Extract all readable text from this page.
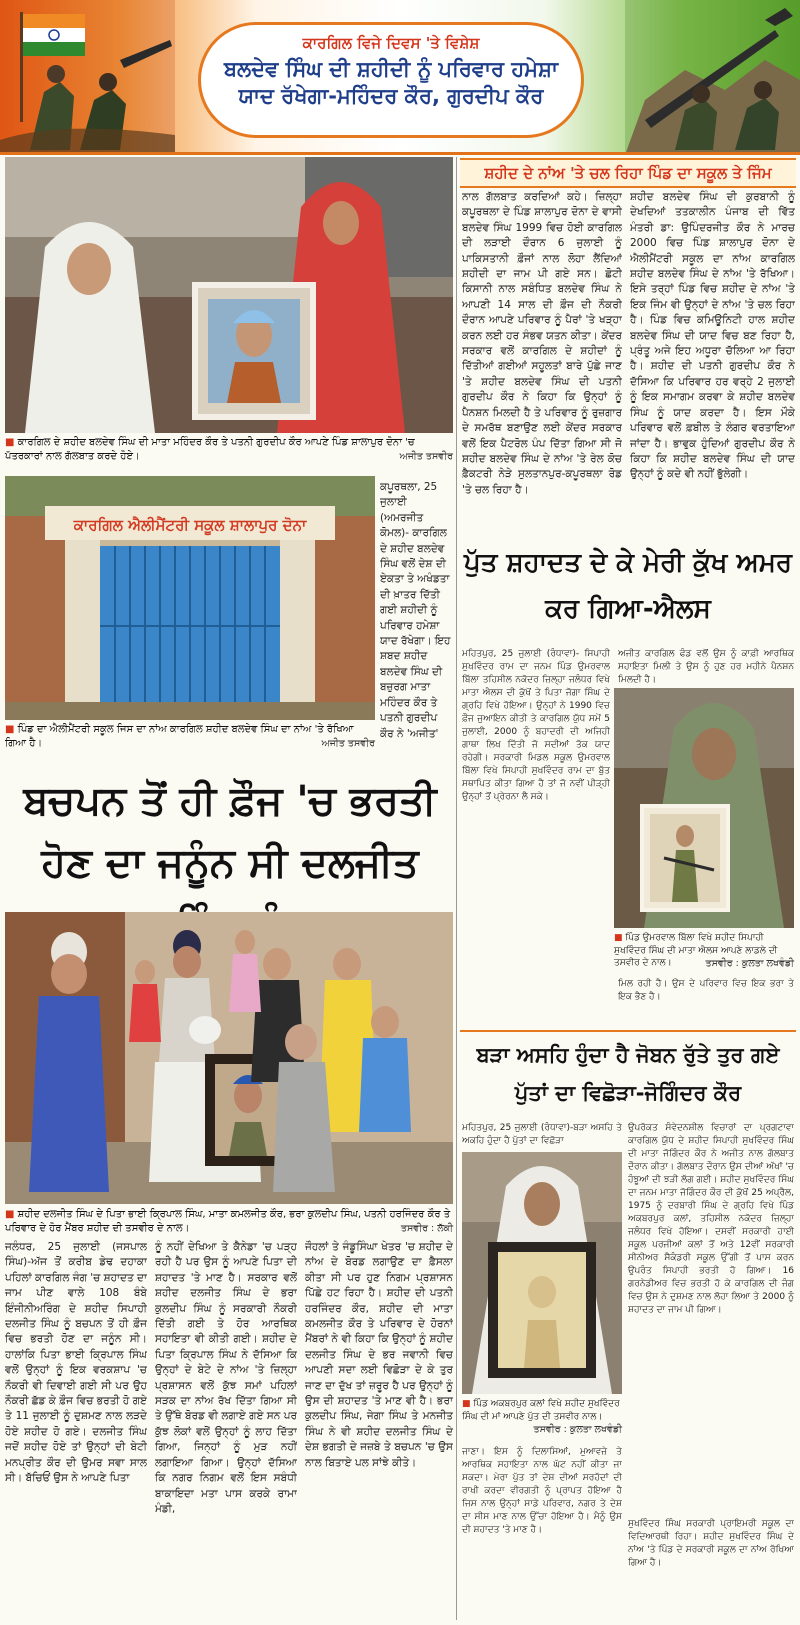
ਕਾਰਗਿਲ ਵਿਜੇ ਦਿਵਸ 'ਤੇ ਵਿਸ਼ੇਸ਼
ਬਲਦੇਵ ਸਿੰਘ ਦੀ ਸ਼ਹੀਦੀ ਨੂੰ ਪਰਿਵਾਰ ਹਮੇਸ਼ਾ ਯਾਦ ਰੱਖੇਗਾ-ਮਹਿੰਦਰ ਕੌਰ, ਗੁਰਦੀਪ ਕੌਰ
■ ਕਾਰਗਿਲ ਦੇ ਸ਼ਹੀਦ ਬਲਦੇਵ ਸਿੰਘ ਦੀ ਮਾਤਾ ਮਹਿੰਦਰ ਕੌਰ ਤੇ ਪਤਨੀ ਗੁਰਦੀਪ ਕੌਰ ਆਪਣੇ ਪਿੰਡ ਸ਼ਾਲਾਪੁਰ ਦੋਨਾ 'ਚ ਪੱਤਰਕਾਰਾਂ ਨਾਲ ਗੱਲਬਾਤ ਕਰਦੇ ਹੋਏ।	ਅਜੀਤ ਤਸਵੀਰ
ਕਾਰਗਿਲ ਐਲੀਮੈਂਟਰੀ ਸਕੂਲ ਸ਼ਾਲਾਪੁਰ ਦੋਨਾ
■ ਪਿੰਡ ਦਾ ਐਲੀਮੈਂਟਰੀ ਸਕੂਲ ਜਿਸ ਦਾ ਨਾਂਅ ਕਾਰਗਿਲ ਸ਼ਹੀਦ ਬਲਦੇਵ ਸਿੰਘ ਦਾ ਨਾਂਅ 'ਤੇ ਰੱਖਿਆ ਗਿਆ ਹੈ।	ਅਜੀਤ ਤਸਵੀਰ
ਕਪੂਰਥਲਾ, 25 ਜੁਲਾਈ (ਅਮਰਜੀਤ ਕੋਮਲ)- ਕਾਰਗਿਲ ਦੇ ਸ਼ਹੀਦ ਬਲਦੇਵ ਸਿੰਘ ਵਲੋਂ ਦੇਸ਼ ਦੀ ਏਕਤਾ ਤੇ ਅਖੰਡਤਾ ਦੀ ਖ਼ਾਤਰ ਦਿੱਤੀ ਗਈ ਸ਼ਹੀਦੀ ਨੂੰ ਪਰਿਵਾਰ ਹਮੇਸ਼ਾ ਯਾਦ ਰੱਖੇਗਾ। ਇਹ ਸ਼ਬਦ ਸ਼ਹੀਦ ਬਲਦੇਵ ਸਿੰਘ ਦੀ ਬਜ਼ੁਰਗ ਮਾਤਾ ਮਹਿੰਦਰ ਕੌਰ ਤੇ ਪਤਨੀ ਗੁਰਦੀਪ ਕੌਰ ਨੇ 'ਅਜੀਤ'
ਸ਼ਹੀਦ ਦੇ ਨਾਂਅ 'ਤੇ ਚਲ ਰਿਹਾ ਪਿੰਡ ਦਾ ਸਕੂਲ ਤੇ ਜਿੰਮ
ਨਾਲ ਗੱਲਬਾਤ ਕਰਦਿਆਂ ਕਹੇ। ਜ਼ਿਲ੍ਹਾ ਕਪੂਰਥਲਾ ਦੇ ਪਿੰਡ ਸ਼ਾਲਾਪੁਰ ਦੋਨਾ ਦੇ ਵਾਸੀ ਬਲਦੇਵ ਸਿੰਘ 1999 ਵਿਚ ਹੋਈ ਕਾਰਗਿਲ ਦੀ ਲੜਾਈ ਦੌਰਾਨ 6 ਜੁਲਾਈ ਨੂੰ ਪਾਕਿਸਤਾਨੀ ਫ਼ੌਜਾਂ ਨਾਲ ਲੋਹਾ ਲੈਂਦਿਆਂ ਸ਼ਹੀਦੀ ਦਾ ਜਾਮ ਪੀ ਗਏ ਸਨ। ਛੋਟੀ ਕਿਸਾਨੀ ਨਾਲ ਸਬੰਧਿਤ ਬਲਦੇਵ ਸਿੰਘ ਨੇ ਆਪਣੀ 14 ਸਾਲ ਦੀ ਫ਼ੌਜ ਦੀ ਨੌਕਰੀ ਦੌਰਾਨ ਆਪਣੇ ਪਰਿਵਾਰ ਨੂੰ ਪੈਰਾਂ 'ਤੇ ਖੜ੍ਹਾ ਕਰਨ ਲਈ ਹਰ ਸੰਭਵ ਯਤਨ ਕੀਤਾ। ਕੇਂਦਰ ਸਰਕਾਰ ਵਲੋਂ ਕਾਰਗਿਲ ਦੇ ਸ਼ਹੀਦਾਂ ਨੂੰ ਦਿੱਤੀਆਂ ਗਈਆਂ ਸਹੂਲਤਾਂ ਬਾਰੇ ਪੁੱਛੇ ਜਾਣ 'ਤੇ ਸ਼ਹੀਦ ਬਲਦੇਵ ਸਿੰਘ ਦੀ ਪਤਨੀ ਗੁਰਦੀਪ ਕੌਰ ਨੇ ਕਿਹਾ ਕਿ ਉਨ੍ਹਾਂ ਨੂੰ ਪੈਨਸ਼ਨ ਮਿਲਦੀ ਹੈ ਤੇ ਪਰਿਵਾਰ ਨੂੰ ਰੁਜ਼ਗਾਰ ਦੇ ਸਮਰੱਥ ਬਣਾਉਣ ਲਈ ਕੇਂਦਰ ਸਰਕਾਰ ਵਲੋਂ ਇਕ ਪੈਟਰੋਲ ਪੰਪ ਦਿੱਤਾ ਗਿਆ ਸੀ ਜੋ ਸ਼ਹੀਦ ਬਲਦੇਵ ਸਿੰਘ ਦੇ ਨਾਂਅ 'ਤੇ ਰੇਲ ਕੋਚ ਫ਼ੈਕਟਰੀ ਨੇੜੇ ਸੁਲਤਾਨਪੁਰ-ਕਪੂਰਥਲਾ ਰੋਡ 'ਤੇ ਚਲ ਰਿਹਾ ਹੈ।
ਸ਼ਹੀਦ ਬਲਦੇਵ ਸਿੰਘ ਦੀ ਕੁਰਬਾਨੀ ਨੂੰ ਦੇਖਦਿਆਂ ਤਤਕਾਲੀਨ ਪੰਜਾਬ ਦੀ ਵਿੱਤ ਮੰਤਰੀ ਡਾ: ਉਪਿੰਦਰਜੀਤ ਕੌਰ ਨੇ ਮਾਰਚ 2000 ਵਿਚ ਪਿੰਡ ਸ਼ਾਲਾਪੁਰ ਦੋਨਾ ਦੇ ਐਲੀਮੈਂਟਰੀ ਸਕੂਲ ਦਾ ਨਾਂਅ ਕਾਰਗਿਲ ਸ਼ਹੀਦ ਬਲਦੇਵ ਸਿੰਘ ਦੇ ਨਾਂਅ 'ਤੇ ਰੱਖਿਆ। ਇਸੇ ਤਰ੍ਹਾਂ ਪਿੰਡ ਵਿਚ ਸ਼ਹੀਦ ਦੇ ਨਾਂਅ 'ਤੇ ਇਕ ਜਿੰਮ ਵੀ ਉਨ੍ਹਾਂ ਦੇ ਨਾਂਅ 'ਤੇ ਚਲ ਰਿਹਾ ਹੈ। ਪਿੰਡ ਵਿਚ ਕਮਿਊਨਿਟੀ ਹਾਲ ਸ਼ਹੀਦ ਬਲਦੇਵ ਸਿੰਘ ਦੀ ਯਾਦ ਵਿਚ ਬਣ ਰਿਹਾ ਹੈ, ਪ੍ਰੰਤੂ ਅਜੇ ਇਹ ਅਧੂਰਾ ਚੱਲਿਆ ਆ ਰਿਹਾ ਹੈ। ਸ਼ਹੀਦ ਦੀ ਪਤਨੀ ਗੁਰਦੀਪ ਕੌਰ ਨੇ ਦੱਸਿਆ ਕਿ ਪਰਿਵਾਰ ਹਰ ਵਰ੍ਹੇ 2 ਜੁਲਾਈ ਨੂੰ ਇਕ ਸਮਾਗਮ ਕਰਵਾ ਕੇ ਸ਼ਹੀਦ ਬਲਦੇਵ ਸਿੰਘ ਨੂੰ ਯਾਦ ਕਰਦਾ ਹੈ। ਇਸ ਮੌਕੇ ਪਰਿਵਾਰ ਵਲੋਂ ਫ਼ਬੀਲ ਤੇ ਲੰਗਰ ਵਰਤਾਇਆ ਜਾਂਦਾ ਹੈ। ਭਾਵੁਕ ਹੁੰਦਿਆਂ ਗੁਰਦੀਪ ਕੌਰ ਨੇ ਕਿਹਾ ਕਿ ਸ਼ਹੀਦ ਬਲਦੇਵ ਸਿੰਘ ਦੀ ਯਾਦ ਉਨ੍ਹਾਂ ਨੂੰ ਕਦੇ ਵੀ ਨਹੀਂ ਭੁੱਲੇਗੀ।
ਬਚਪਨ ਤੋਂ ਹੀ ਫ਼ੌਜ 'ਚ ਭਰਤੀ ਹੋਣ ਦਾ ਜਨੂੰਨ ਸੀ ਦਲਜੀਤ
■ ਸ਼ਹੀਦ ਦਲਜੀਤ ਸਿੰਘ ਦੇ ਪਿਤਾ ਭਾਈ ਕ੍ਰਿਪਾਲ ਸਿੰਘ, ਮਾਤਾ ਕਮਲਜੀਤ ਕੌਰ, ਭਰਾ ਕੁਲਦੀਪ ਸਿੰਘ, ਪਤਨੀ ਹਰਜਿੰਦਰ ਕੌਰ ਤੇ ਪਰਿਵਾਰ ਦੇ ਹੋਰ ਮੈਂਬਰ ਸ਼ਹੀਦ ਦੀ ਤਸਵੀਰ ਦੇ ਨਾਲ।	ਤਸਵੀਰ : ਲੱਕੀ
ਜਲੰਧਰ, 25 ਜੁਲਾਈ (ਜਸਪਾਲ ਸਿੰਘ)-ਅੱਜ ਤੋਂ ਕਰੀਬ ਡੇਢ ਦਹਾਕਾ ਪਹਿਲਾਂ ਕਾਰਗਿਲ ਜੰਗ 'ਚ ਸ਼ਹਾਦਤ ਦਾ ਜਾਮ ਪੀਣ ਵਾਲੇ 108 ਬੰਬੇ ਇੰਜੀਨੀਅਰਿੰਗ ਦੇ ਸ਼ਹੀਦ ਸਿਪਾਹੀ ਦਲਜੀਤ ਸਿੰਘ ਨੂੰ ਬਚਪਨ ਤੋਂ ਹੀ ਫ਼ੌਜ ਵਿਚ ਭਰਤੀ ਹੋਣ ਦਾ ਜਨੂੰਨ ਸੀ। ਹਾਲਾਂਕਿ ਪਿਤਾ ਭਾਈ ਕ੍ਰਿਪਾਲ ਸਿੰਘ ਵਲੋਂ ਉਨ੍ਹਾਂ ਨੂੰ ਇਕ ਵਰਕਸ਼ਾਪ 'ਚ ਨੌਕਰੀ ਵੀ ਦਿਵਾਈ ਗਈ ਸੀ ਪਰ ਉਹ ਨੌਕਰੀ ਛੱਡ ਕੇ ਫ਼ੌਜ ਵਿਚ ਭਰਤੀ ਹੋ ਗਏ ਤੇ 11 ਜੁਲਾਈ ਨੂੰ ਦੁਸ਼ਮਣ ਨਾਲ ਲੜਦੇ ਹੋਏ ਸ਼ਹੀਦ ਹੋ ਗਏ। ਦਲਜੀਤ ਸਿੰਘ ਜਦੋਂ ਸ਼ਹੀਦ ਹੋਏ ਤਾਂ ਉਨ੍ਹਾਂ ਦੀ ਬੇਟੀ ਮਨਪ੍ਰੀਤ ਕੌਰ ਦੀ ਉਮਰ ਸਵਾ ਸਾਲ ਸੀ। ਬੱਚਿਓਂ ਉਸ ਨੇ ਆਪਣੇ ਪਿਤਾ
ਨੂੰ ਨਹੀਂ ਦੇਖਿਆ ਤੇ ਕੈਨੇਡਾ 'ਚ ਪੜ੍ਹ ਰਹੀ ਹੈ ਪਰ ਉਸ ਨੂੰ ਆਪਣੇ ਪਿਤਾ ਦੀ ਸ਼ਹਾਦਤ 'ਤੇ ਮਾਣ ਹੈ। ਸਰਕਾਰ ਵਲੋਂ ਸ਼ਹੀਦ ਦਲਜੀਤ ਸਿੰਘ ਦੇ ਭਰਾ ਕੁਲਦੀਪ ਸਿੰਘ ਨੂੰ ਸਰਕਾਰੀ ਨੌਕਰੀ ਦਿੱਤੀ ਗਈ ਤੇ ਹੋਰ ਆਰਥਿਕ ਸਹਾਇਤਾ ਵੀ ਕੀਤੀ ਗਈ। ਸ਼ਹੀਦ ਦੇ ਪਿਤਾ ਕ੍ਰਿਪਾਲ ਸਿੰਘ ਨੇ ਦੱਸਿਆ ਕਿ ਉਨ੍ਹਾਂ ਦੇ ਬੇਟੇ ਦੇ ਨਾਂਅ 'ਤੇ ਜ਼ਿਲ੍ਹਾ ਪ੍ਰਸ਼ਾਸਨ ਵਲੋਂ ਕੁੱਝ ਸਮਾਂ ਪਹਿਲਾਂ ਸੜਕ ਦਾ ਨਾਂਅ ਰੱਖ ਦਿੱਤਾ ਗਿਆ ਸੀ ਤੇ ਉੱਥੇ ਬੋਰਡ ਵੀ ਲਗਾਏ ਗਏ ਸਨ ਪਰ ਕੁੱਝ ਲੋਕਾਂ ਵਲੋਂ ਉਨ੍ਹਾਂ ਨੂੰ ਲਾਹ ਦਿੱਤਾ ਗਿਆ, ਜਿਨ੍ਹਾਂ ਨੂੰ ਮੁੜ ਨਹੀਂ ਲਗਾਇਆ ਗਿਆ। ਉਨ੍ਹਾਂ ਦੱਸਿਆ ਕਿ ਨਗਰ ਨਿਗਮ ਵਲੋਂ ਇਸ ਸਬੰਧੀ ਬਾਕਾਇਦਾ ਮਤਾ ਪਾਸ ਕਰਕੇ ਰਾਮਾ ਮੰਡੀ,
ਜੌਹਲਾਂ ਤੇ ਜੰਡੂਸਿੰਘਾ ਖੇਤਰ 'ਚ ਸ਼ਹੀਦ ਦੇ ਨਾਂਅ ਦੇ ਬੋਰਡ ਲਗਾਉਣ ਦਾ ਫ਼ੈਸਲਾ ਕੀਤਾ ਸੀ ਪਰ ਹੁਣ ਨਿਗਮ ਪ੍ਰਸ਼ਾਸਨ ਪਿੱਛੇ ਹਟ ਰਿਹਾ ਹੈ। ਸ਼ਹੀਦ ਦੀ ਪਤਨੀ ਹਰਜਿੰਦਰ ਕੌਰ, ਸ਼ਹੀਦ ਦੀ ਮਾਤਾ ਕਮਲਜੀਤ ਕੌਰ ਤੇ ਪਰਿਵਾਰ ਦੇ ਹੋਰਨਾਂ ਮੈਂਬਰਾਂ ਨੇ ਵੀ ਕਿਹਾ ਕਿ ਉਨ੍ਹਾਂ ਨੂੰ ਸ਼ਹੀਦ ਦਲਜੀਤ ਸਿੰਘ ਦੇ ਭਰ ਜਵਾਨੀ ਵਿਚ ਆਪਣੀ ਸਦਾ ਲਈ ਵਿਛੋੜਾ ਦੇ ਕੇ ਤੁਰ ਜਾਣ ਦਾ ਦੁੱਖ ਤਾਂ ਜ਼ਰੂਰ ਹੈ ਪਰ ਉਨ੍ਹਾਂ ਨੂੰ ਉਸ ਦੀ ਸ਼ਹਾਦਤ 'ਤੇ ਮਾਣ ਵੀ ਹੈ। ਭਰਾ ਕੁਲਦੀਪ ਸਿੰਘ, ਜੇਗਾ ਸਿੰਘ ਤੇ ਮਨਜੀਤ ਸਿੰਘ ਨੇ ਵੀ ਸ਼ਹੀਦ ਦਲਜੀਤ ਸਿੰਘ ਦੇ ਦੇਸ਼ ਭਗਤੀ ਦੇ ਜਜ਼ਬੇ ਤੇ ਬਚਪਨ 'ਚ ਉਸ ਨਾਲ ਬਿਤਾਏ ਪਲ ਸਾਂਝੇ ਕੀਤੇ।
ਪੁੱਤ ਸ਼ਹਾਦਤ ਦੇ ਕੇ ਮੇਰੀ ਕੁੱਖ ਅਮਰ ਕਰ ਗਿਆ-ਐਲਸ
ਮਹਿਤਪੁਰ, 25 ਜੁਲਾਈ (ਰੰਧਾਵਾ)- ਸਿਪਾਹੀ ਸੁਖਵਿੰਦਰ ਰਾਮ ਦਾ ਜਨਮ ਪਿੰਡ ਉਮਰਵਾਲ ਬਿੱਲਾ ਤਹਿਸੀਲ ਨਕੋਦਰ ਜ਼ਿਲ੍ਹਾ ਜਲੰਧਰ ਵਿਖੇ ਮਾਤਾ ਐਲਸ ਦੀ ਕੁੱਖੋਂ ਤੇ ਪਿਤਾ ਜੋਗਾ ਸਿੰਘ ਦੇ ਗ੍ਰਹਿ ਵਿਖੇ ਹੋਇਆ। ਉਨ੍ਹਾਂ ਨੇ 1990 ਵਿਚ ਫ਼ੌਜ ਜੁਆਇਨ ਕੀਤੀ ਤੇ ਕਾਰਗਿਲ ਯੁੱਧ ਸਮੇਂ 5 ਜੁਲਾਈ, 2000 ਨੂੰ ਬਹਾਦਰੀ ਦੀ ਅਜਿਹੀ ਗਾਥਾ ਲਿਖ ਦਿੱਤੀ ਜੋ ਸਦੀਆਂ ਤੱਕ ਯਾਦ ਰਹੇਗੀ। ਸਰਕਾਰੀ ਮਿਡਲ ਸਕੂਲ ਉਮਰਵਾਲ ਬਿੱਲਾ ਵਿਖੇ ਸਿਪਾਹੀ ਸੁਖਵਿੰਦਰ ਰਾਮ ਦਾ ਬੁੱਤ ਸਥਾਪਿਤ ਕੀਤਾ ਗਿਆ ਹੈ ਤਾਂ ਜੋ ਨਵੀਂ ਪੀੜ੍ਹੀ ਉਨ੍ਹਾਂ ਤੋਂ ਪ੍ਰੇਰਨਾ ਲੈ ਸਕੇ।
ਅਜੀਤ ਕਾਰਗਿਲ ਫੰਡ ਵਲੋਂ ਉਸ ਨੂੰ ਕਾਫ਼ੀ ਆਰਥਿਕ ਸਹਾਇਤਾ ਮਿਲੀ ਤੇ ਉਸ ਨੂੰ ਹੁਣ ਹਰ ਮਹੀਨੇ ਪੈਨਸ਼ਨ ਮਿਲਦੀ ਹੈ।
■ ਪਿੰਡ ਉਮਰਵਾਲ ਬਿੱਲਾ ਵਿਖੇ ਸ਼ਹੀਦ ਸਿਪਾਹੀ ਸੁਖਵਿੰਦਰ ਸਿੰਘ ਦੀ ਮਾਤਾ ਐਲਸ ਆਪਣੇ ਲਾਡਲੇ ਦੀ ਤਸਵੀਰ ਦੇ ਨਾਲ।	ਤਸਵੀਰ : ਕੁਲਤਾ ਲਖਵੰਡੀ
ਮਿਲ ਰਹੀ ਹੈ। ਉਸ ਦੇ ਪਰਿਵਾਰ ਵਿਚ ਇਕ ਭਰਾ ਤੇ ਇਕ ਭੈਣ ਹੈ।
ਬੜਾ ਅਸਹਿ ਹੁੰਦਾ ਹੈ ਜੋਬਨ ਰੁੱਤੇ ਤੁਰ ਗਏ ਪੁੱਤਾਂ ਦਾ ਵਿਛੋੜਾ-ਜੋਗਿੰਦਰ ਕੌਰ
ਮਹਿਤਪੁਰ, 25 ਜੁਲਾਈ (ਰੰਧਾਵਾ)-ਬੜਾ ਅਸਹਿ ਤੇ ਅਕਹਿ ਹੁੰਦਾ ਹੈ ਪੁੱਤਾਂ ਦਾ ਵਿਛੋੜਾ
■ ਪਿੰਡ ਅਕਬਰਪੁਰ ਕਲਾਂ ਵਿਖੇ ਸ਼ਹੀਦ ਸੁਖਵਿੰਦਰ ਸਿੰਘ ਦੀ ਮਾਂ ਆਪਣੇ ਪੁੱਤ ਦੀ ਤਸਵੀਰ ਨਾਲ।
ਤਸਵੀਰ : ਕੁਲਤਾ ਲਖਵੰਡੀ
ਉਪਰੋਕਤ ਸੰਵੇਦਨਸ਼ੀਲ ਵਿਚਾਰਾਂ ਦਾ ਪ੍ਰਗਟਾਵਾ ਕਾਰਗਿਲ ਯੁੱਧ ਦੇ ਸ਼ਹੀਦ ਸਿਪਾਹੀ ਸੁਖਵਿੰਦਰ ਸਿੰਘ ਦੀ ਮਾਤਾ ਜੋਗਿੰਦਰ ਕੌਰ ਨੇ ਅਜੀਤ ਨਾਲ ਗੱਲਬਾਤ ਦੌਰਾਨ ਕੀਤਾ। ਗੱਲਬਾਤ ਦੌਰਾਨ ਉਸ ਦੀਆਂ ਅੱਖਾਂ 'ਚ ਹੰਝੂਆਂ ਦੀ ਝੜੀ ਲੱਗ ਗਈ। ਸ਼ਹੀਦ ਸੁਖਵਿੰਦਰ ਸਿੰਘ ਦਾ ਜਨਮ ਮਾਤਾ ਜੋਗਿੰਦਰ ਕੌਰ ਦੀ ਕੁੱਖੋਂ 25 ਅਪ੍ਰੈਲ, 1975 ਨੂੰ ਦਰਬਾਰੀ ਸਿੰਘ ਦੇ ਗ੍ਰਹਿ ਵਿਖੇ ਪਿੰਡ ਅਕਬਰਪੁਰ ਕਲਾਂ, ਤਹਿਸੀਲ ਨਕੋਦਰ ਜ਼ਿਲ੍ਹਾ ਜਲੰਧਰ ਵਿਖੇ ਹੋਇਆ। ਦਸਵੀਂ ਸਰਕਾਰੀ ਹਾਈ ਸਕੂਲ ਪਰਜੀਆਂ ਕਲਾਂ ਤੋਂ ਅਤੇ 12ਵੀਂ ਸਰਕਾਰੀ ਸੀਨੀਅਰ ਸੈਕੰਡਰੀ ਸਕੂਲ ਉੱਗੀ ਤੋਂ ਪਾਸ ਕਰਨ ਉਪਰੰਤ ਸਿਪਾਹੀ ਭਰਤੀ ਹੋ ਗਿਆ। 16 ਗਰਨੇਡੀਅਰ ਵਿਚ ਭਰਤੀ ਹੋ ਕੇ ਕਾਰਗਿਲ ਦੀ ਜੰਗ ਵਿਚ ਉਸ ਨੇ ਦੁਸ਼ਮਣ ਨਾਲ ਲੋਹਾ ਲਿਆ ਤੇ 2000 ਨੂੰ ਸ਼ਹਾਦਤ ਦਾ ਜਾਮ ਪੀ ਗਿਆ।
ਜਾਣਾ। ਇਸ ਨੂੰ ਦਿਲਾਸਿਆਂ, ਮੁਆਵਜ਼ੇ ਤੇ ਆਰਥਿਕ ਸਹਾਇਤਾ ਨਾਲ ਘੱਟ ਨਹੀਂ ਕੀਤਾ ਜਾ ਸਕਦਾ। ਮੇਰਾ ਪੁੱਤ ਤਾਂ ਦੇਸ਼ ਦੀਆਂ ਸਰਹੱਦਾਂ ਦੀ ਰਾਖੀ ਕਰਦਾ ਵੀਰਗਤੀ ਨੂੰ ਪ੍ਰਾਪਤ ਹੋਇਆ ਹੈ ਜਿਸ ਨਾਲ ਉਨ੍ਹਾਂ ਸਾਡੇ ਪਰਿਵਾਰ, ਨਗਰ ਤੇ ਦੇਸ਼ ਦਾ ਸੀਸ ਮਾਣ ਨਾਲ ਉੱਚਾ ਹੋਇਆ ਹੈ। ਮੈਨੂੰ ਉਸ ਦੀ ਸ਼ਹਾਦਤ 'ਤੇ ਮਾਣ ਹੈ।
ਸੁਖਵਿੰਦਰ ਸਿੰਘ ਸਰਕਾਰੀ ਪ੍ਰਾਇਮਰੀ ਸਕੂਲ ਦਾ ਵਿਦਿਆਰਥੀ ਰਿਹਾ। ਸ਼ਹੀਦ ਸੁਖਵਿੰਦਰ ਸਿੰਘ ਦੇ ਨਾਂਅ 'ਤੇ ਪਿੰਡ ਦੇ ਸਰਕਾਰੀ ਸਕੂਲ ਦਾ ਨਾਂਅ ਰੱਖਿਆ ਗਿਆ ਹੈ।
